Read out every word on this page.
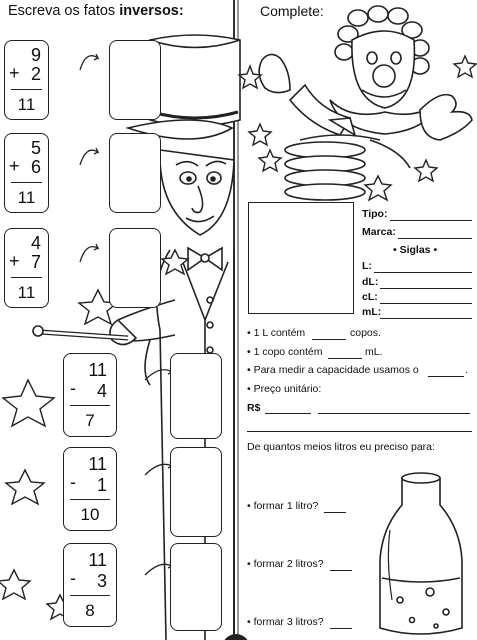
Escreva os fatos inversos:
9
+ 2
11
5
+ 6
11
4
+ 7
11
11
- 4
7
11
- 1
10
11
- 3
8
Complete:
Tipo:
Marca:
• Siglas •
L:
dL:
cL:
mL:
• 1 L contém	copos.
• 1 copo contém	mL.
• Para medir a capacidade usamos o	.
• Preço unitário:
R$
De quantos meios litros eu preciso para:
• formar 1 litro?
• formar 2 litros?
• formar 3 litros?
